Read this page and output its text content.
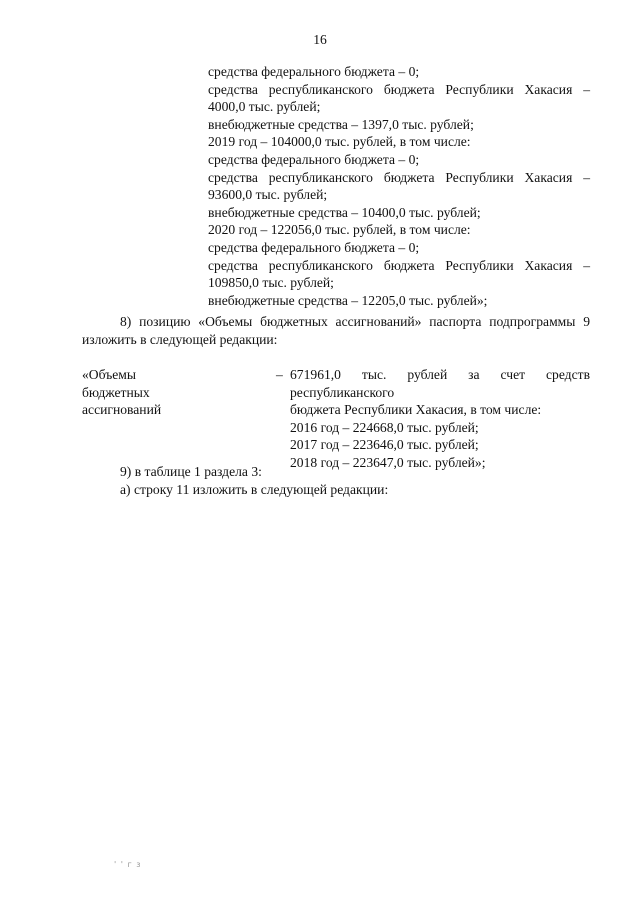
16
средства федерального бюджета – 0;
средства республиканского бюджета Республики Хакасия –
4000,0 тыс. рублей;
внебюджетные средства – 1397,0 тыс. рублей;
2019 год – 104000,0 тыс. рублей, в том числе:
средства федерального бюджета – 0;
средства республиканского бюджета Республики Хакасия –
93600,0 тыс. рублей;
внебюджетные средства – 10400,0 тыс. рублей;
2020 год – 122056,0 тыс. рублей, в том числе:
средства федерального бюджета – 0;
средства республиканского бюджета Республики Хакасия –
109850,0 тыс. рублей;
внебюджетные средства – 12205,0 тыс. рублей»;
8) позицию «Объемы бюджетных ассигнований» паспорта подпрограммы 9
изложить в следующей редакции:
«Объемы
бюджетных
ассигнований
– 671961,0 тыс. рублей за счет средств республиканского
бюджета Республики Хакасия, в том числе:
2016 год – 224668,0 тыс. рублей;
2017 год – 223646,0 тыс. рублей;
2018 год – 223647,0 тыс. рублей»;
9) в таблице 1 раздела 3:
а) строку 11 изложить в следующей редакции:
' ' г з
